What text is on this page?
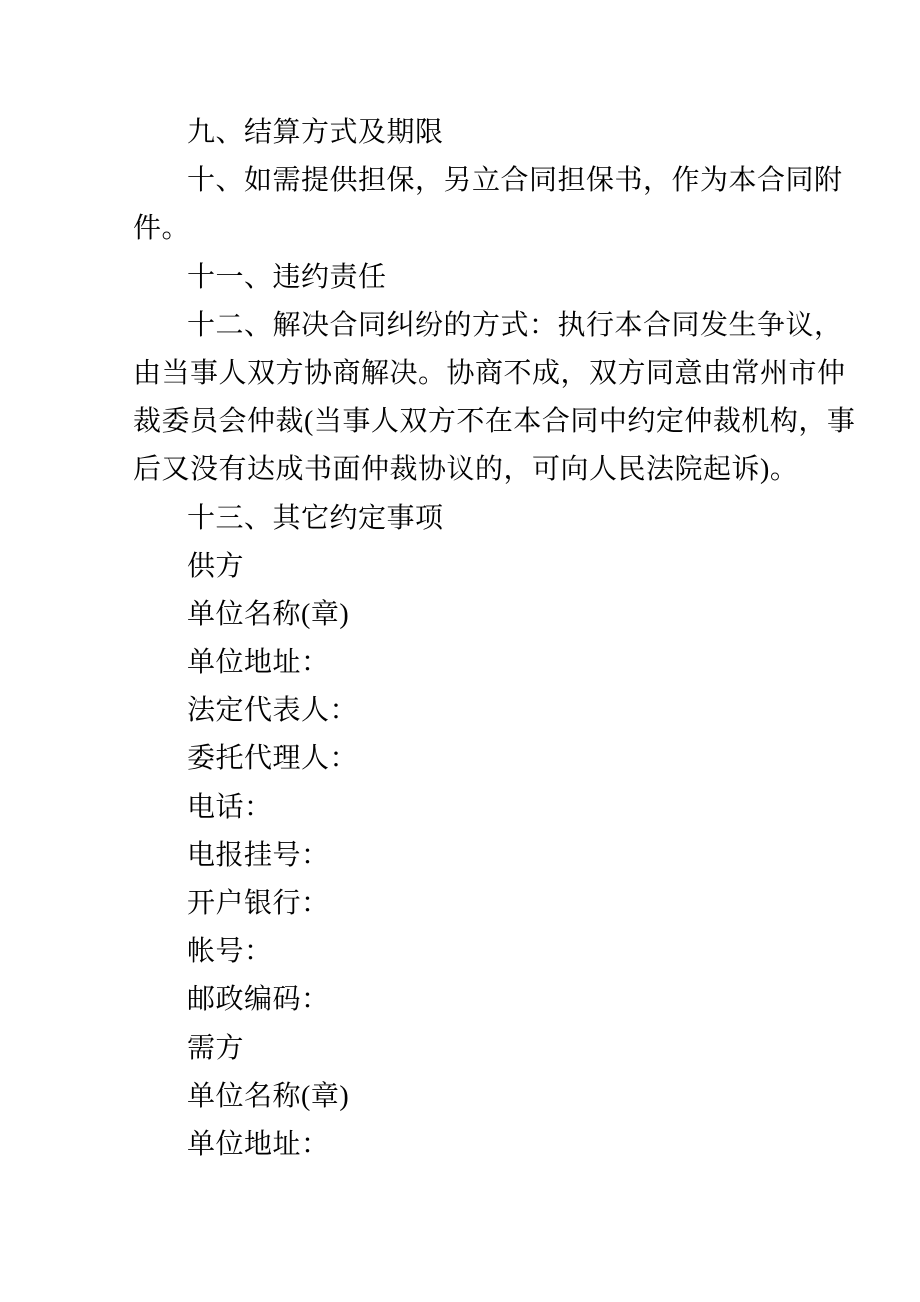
九、结算方式及期限
十、如需提供担保，另立合同担保书，作为本合同附
件。
十一、违约责任
十二、解决合同纠纷的方式：执行本合同发生争议，
由当事人双方协商解决。协商不成，双方同意由常州市仲
裁委员会仲裁(当事人双方不在本合同中约定仲裁机构，事
后又没有达成书面仲裁协议的，可向人民法院起诉)。
十三、其它约定事项
供方
单位名称(章)
单位地址：
法定代表人：
委托代理人：
电话：
电报挂号：
开户银行：
帐号：
邮政编码：
需方
单位名称(章)
单位地址：
